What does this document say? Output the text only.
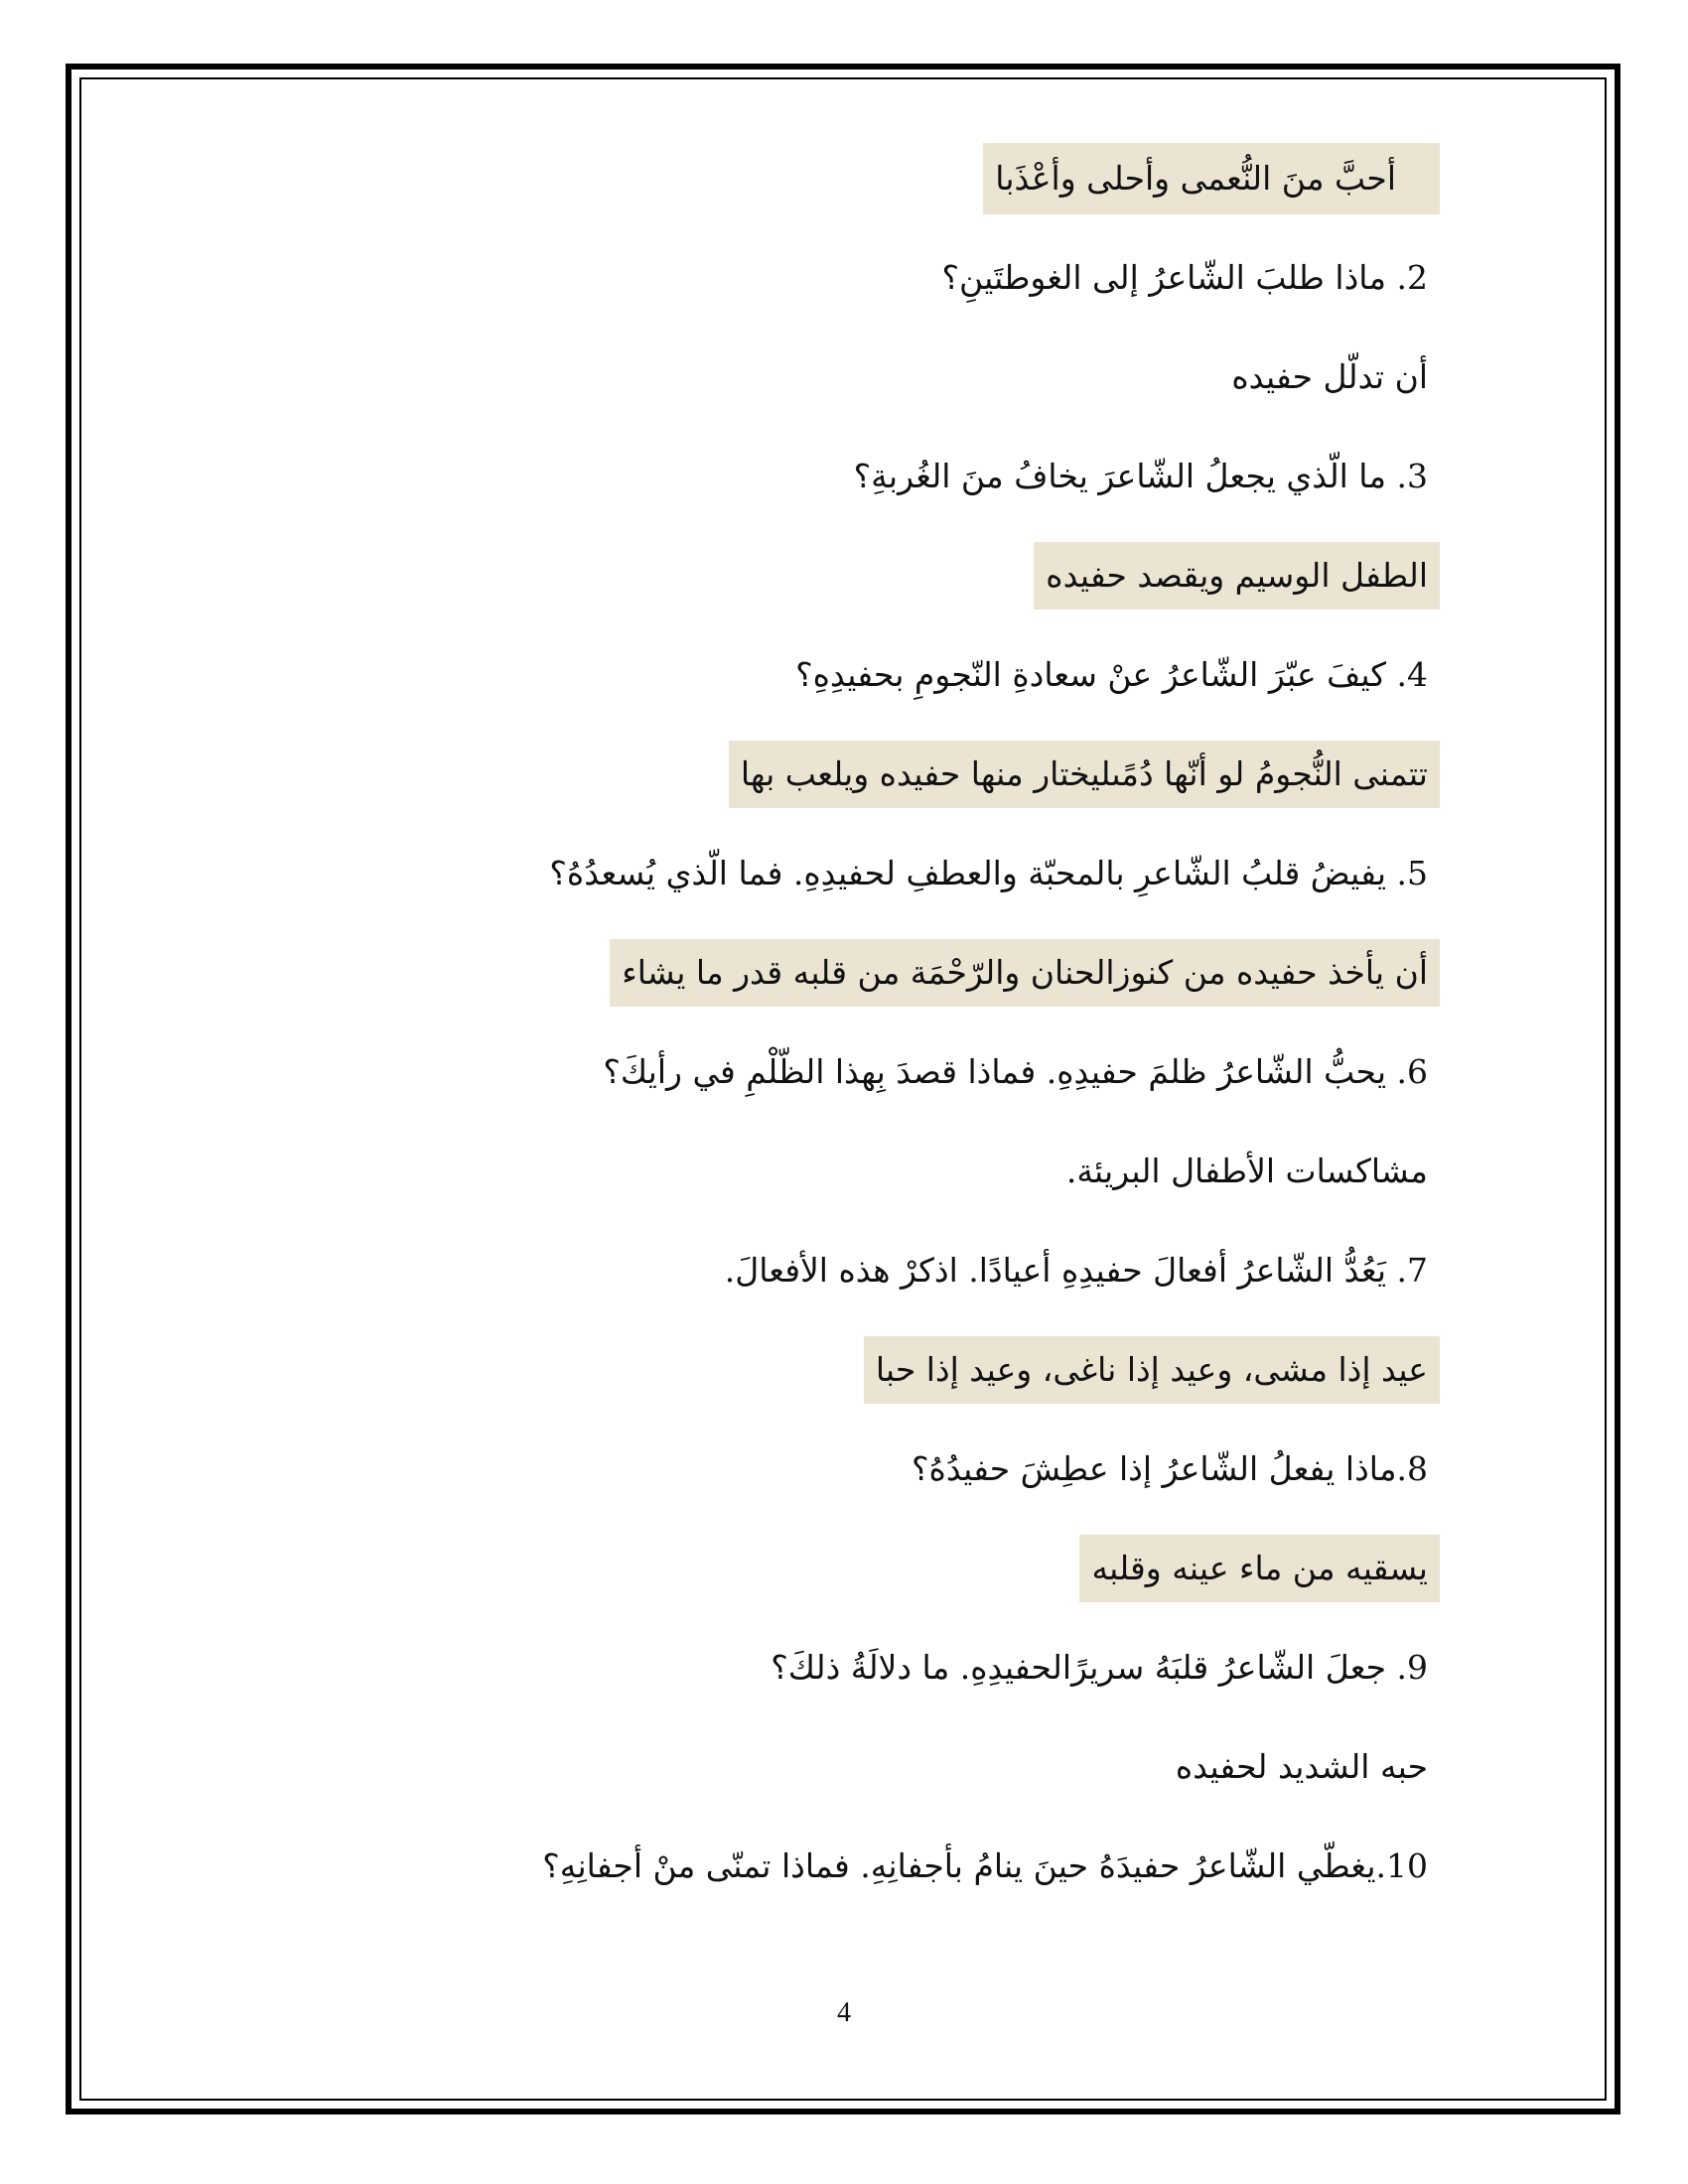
أحبَّ منَ النُّعمى وأحلى وأعْذَبا
2. ماذا طلبَ الشّاعرُ إلى الغوطتَينِ؟
أن تدلّل حفيده
3. ما الّذي يجعلُ الشّاعرَ يخافُ منَ الغُربةِ؟
الطفل الوسيم ويقصد حفيده
4. كيفَ عبّرَ الشّاعرُ عنْ سعادةِ النّجومِ بحفيدِهِ؟
تتمنى النُّجومُ لو أنّها دُمًىليختار منها حفيده ويلعب بها
5. يفيضُ قلبُ الشّاعرِ بالمحبّة والعطفِ لحفيدِهِ. فما الّذي يُسعدُهُ؟
أن يأخذ حفيده من كنوزالحنان والرّحْمَة من قلبه قدر ما يشاء
6. يحبُّ الشّاعرُ ظلمَ حفيدِهِ. فماذا قصدَ بِهذا الظّلْمِ في رأيكَ؟
مشاكسات الأطفال البريئة.
7. يَعُدُّ الشّاعرُ أفعالَ حفيدِهِ أعيادًا. اذكرْ هذه الأفعالَ.
عيد إذا مشى، وعيد إذا ناغى، وعيد إذا حبا
8.ماذا يفعلُ الشّاعرُ إذا عطِشَ حفيدُهُ؟
يسقيه من ماء عينه وقلبه
9. جعلَ الشّاعرُ قلبَهُ سريرًالحفيدِهِ. ما دلالَةُ ذلكَ؟
حبه الشديد لحفيده
10.يغطّي الشّاعرُ حفيدَهُ حينَ ينامُ بأجفانِهِ. فماذا تمنّى منْ أجفانِهِ؟
4
